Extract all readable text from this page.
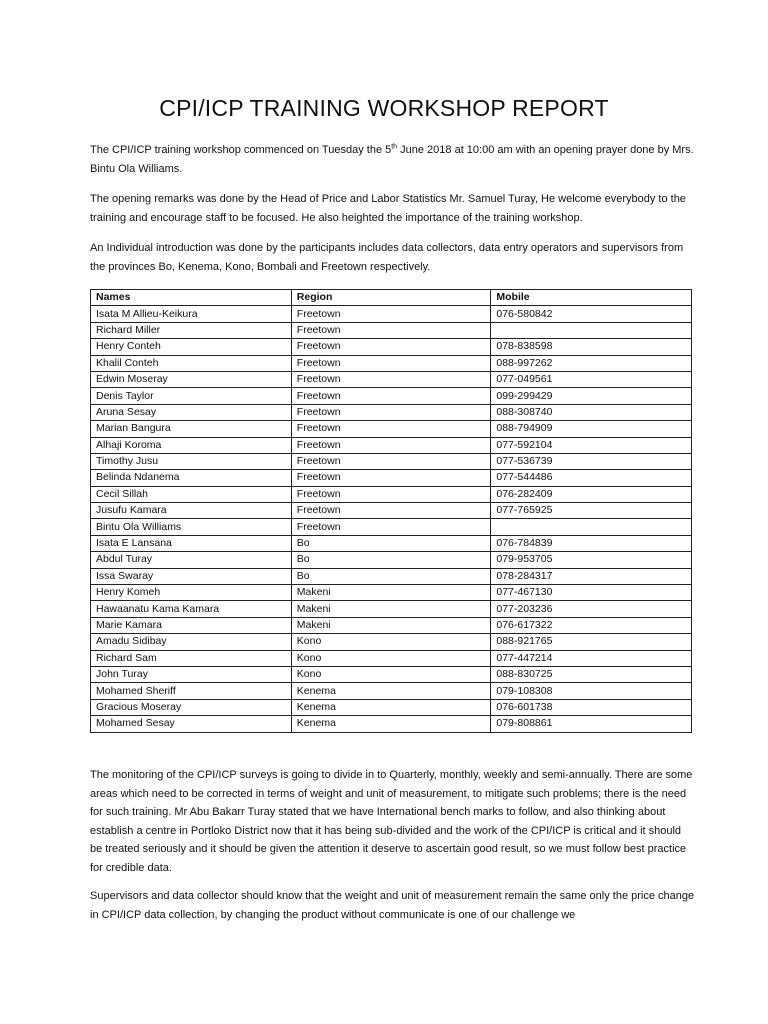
CPI/ICP TRAINING WORKSHOP REPORT

The CPI/ICP training workshop commenced on Tuesday the 5th June 2018 at 10:00 am with an opening prayer done by Mrs. Bintu Ola Williams.

The opening remarks was done by the Head of Price and Labor Statistics Mr. Samuel Turay, He welcome everybody to the training and encourage staff to be focused. He also heighted the importance of the training workshop.

An Individual introduction was done by the participants includes data collectors, data entry operators and supervisors from the provinces Bo, Kenema, Kono, Bombali and Freetown respectively.

Names	Region	Mobile
Isata M Allieu-Keikura	Freetown	076-580842
Richard Miller	Freetown	
Henry Conteh	Freetown	078-838598
Khalil Conteh	Freetown	088-997262
Edwin Moseray	Freetown	077-049561
Denis Taylor	Freetown	099-299429
Aruna Sesay	Freetown	088-308740
Marian Bangura	Freetown	088-794909
Alhaji Koroma	Freetown	077-592104
Timothy Jusu	Freetown	077-536739
Belinda Ndanema	Freetown	077-544486
Cecil Sillah	Freetown	076-282409
Jusufu Kamara	Freetown	077-765925
Bintu Ola Williams	Freetown	
Isata E Lansana	Bo	076-784839
Abdul Turay	Bo	079-953705
Issa Swaray	Bo	078-284317
Henry Komeh	Makeni	077-467130
Hawaanatu Kama Kamara	Makeni	077-203236
Marie Kamara	Makeni	076-617322
Amadu Sidibay	Kono	088-921765
Richard Sam	Kono	077-447214
John Turay	Kono	088-830725
Mohamed Sheriff	Kenema	079-108308
Gracious Moseray	Kenema	076-601738
Mohamed Sesay	Kenema	079-808861

The monitoring of the CPI/ICP surveys is going to divide in to Quarterly, monthly, weekly and semi-annually. There are some areas which need to be corrected in terms of weight and unit of measurement, to mitigate such problems; there is the need for such training. Mr Abu Bakarr Turay stated that we have International bench marks to follow, and also thinking about establish a centre in Portloko District now that it has being sub-divided and the work of the CPI/ICP is critical and it should be treated seriously and it should be given the attention it deserve to ascertain good result, so we must follow best practice for credible data.

Supervisors and data collector should know that the weight and unit of measurement remain the same only the price change in CPI/ICP data collection, by changing the product without communicate is one of our challenge we
